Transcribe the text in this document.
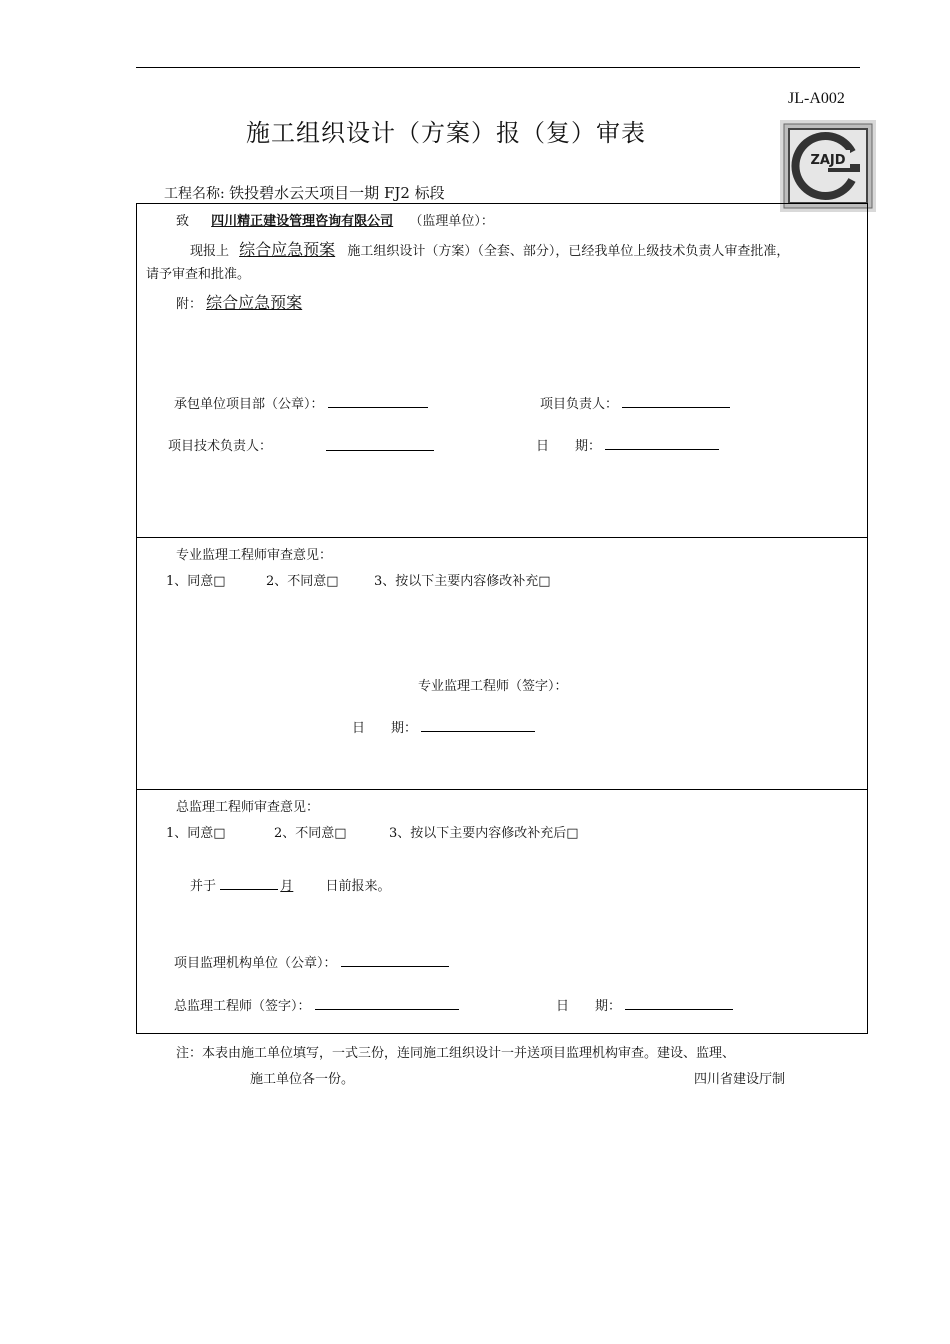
JL-A002
施工组织设计（方案）报（复）审表
ZAJD
工程名称: 铁投碧水云天项目一期 FJ2 标段
致 四川精正建设管理咨询有限公司 （监理单位）：
现报上 综合应急预案 施工组织设计（方案）（全套、部分），已经我单位上级技术负责人审查批准，
请予审查和批准。
附： 综合应急预案
承包单位项目部（公章）：	项目负责人：
项目技术负责人：	日　　期：
专业监理工程师审查意见：
1、同意□	2、不同意□	3、按以下主要内容修改补充□
专业监理工程师（签字）：
日　　期：
总监理工程师审查意见：
1、同意□	2、不同意□	3、按以下主要内容修改补充后□
并于	月 日前报来。
项目监理机构单位（公章）：
总监理工程师（签字）：	日　　期：
注：本表由施工单位填写，一式三份，连同施工组织设计一并送项目监理机构审查。建设、监理、
施工单位各一份。	四川省建设厅制
